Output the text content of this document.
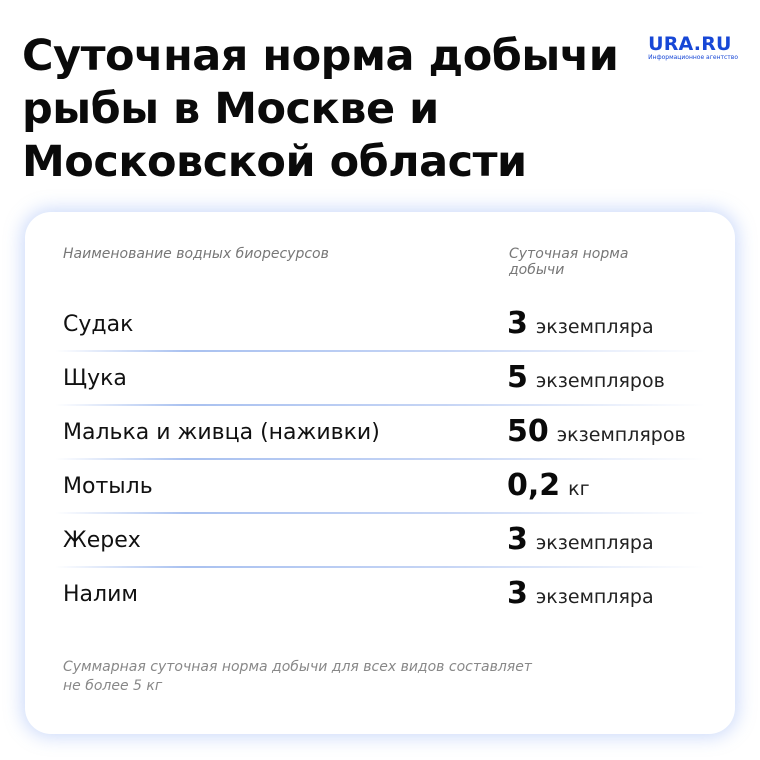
Суточная норма добычи рыбы в Москве и Московской области
URA.RU
Информационное агентство
Наименование водных биоресурсов	Суточная норма добычи
Судак	3 экземпляра
Щука	5 экземпляров
Малька и живца (наживки)	50 экземпляров
Мотыль	0,2 кг
Жерех	3 экземпляра
Налим	3 экземпляра
Суммарная суточная норма добычи для всех видов составляет не более 5 кг
